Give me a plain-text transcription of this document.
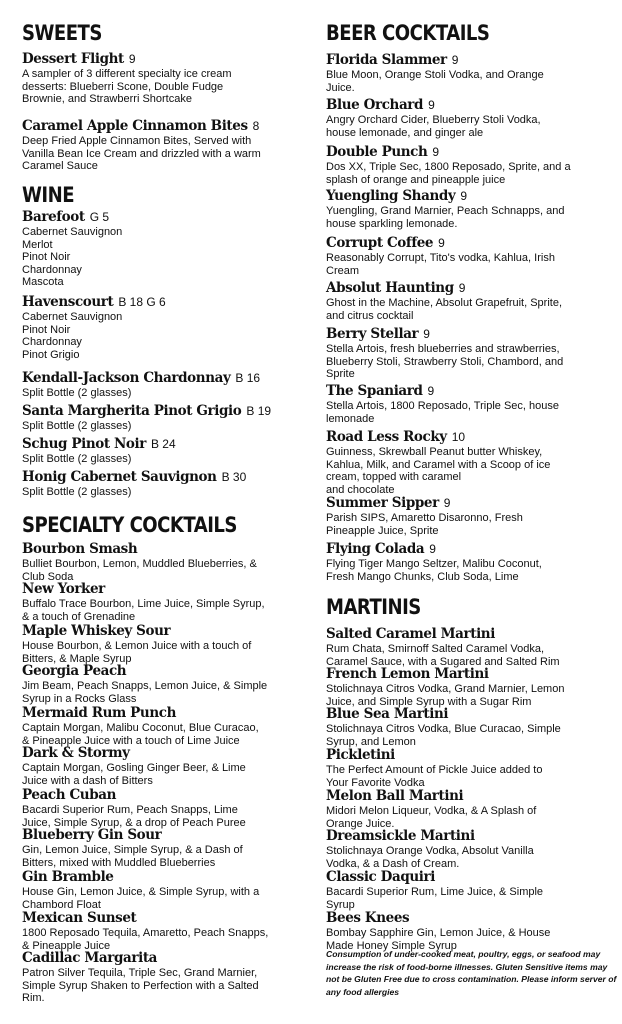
SWEETS
Dessert Flight 9
A sampler of 3 different specialty ice cream
desserts: Blueberri Scone, Double Fudge
Brownie, and Strawberri Shortcake
Caramel Apple Cinnamon Bites 8
Deep Fried Apple Cinnamon Bites, Served with
Vanilla Bean Ice Cream and drizzled with a warm
Caramel Sauce
WINE
Barefoot G 5
Cabernet Sauvignon
Merlot
Pinot Noir
Chardonnay
Mascota
Havenscourt B 18 G 6
Cabernet Sauvignon
Pinot Noir
Chardonnay
Pinot Grigio
Kendall-Jackson Chardonnay B 16
Split Bottle (2 glasses)
Santa Margherita Pinot Grigio B 19
Split Bottle (2 glasses)
Schug Pinot Noir B 24
Split Bottle (2 glasses)
Honig Cabernet Sauvignon B 30
Split Bottle (2 glasses)
SPECIALTY COCKTAILS
Bourbon Smash
Bulliet Bourbon, Lemon, Muddled Blueberries, &
Club Soda
New Yorker
Buffalo Trace Bourbon, Lime Juice, Simple Syrup,
& a touch of Grenadine
Maple Whiskey Sour
House Bourbon, & Lemon Juice with a touch of
Bitters, & Maple Syrup
Georgia Peach
Jim Beam, Peach Snapps, Lemon Juice, & Simple
Syrup in a Rocks Glass
Mermaid Rum Punch
Captain Morgan, Malibu Coconut, Blue Curacao,
& Pineapple Juice with a touch of Lime Juice
Dark & Stormy
Captain Morgan, Gosling Ginger Beer, & Lime
Juice with a dash of Bitters
Peach Cuban
Bacardi Superior Rum, Peach Snapps, Lime
Juice, Simple Syrup, & a drop of Peach Puree
Blueberry Gin Sour
Gin, Lemon Juice, Simple Syrup, & a Dash of
Bitters, mixed with Muddled Blueberries
Gin Bramble
House Gin, Lemon Juice, & Simple Syrup, with a
Chambord Float
Mexican Sunset
1800 Reposado Tequila, Amaretto, Peach Snapps,
& Pineapple Juice
Cadillac Margarita
Patron Silver Tequila, Triple Sec, Grand Marnier,
Simple Syrup Shaken to Perfection with a Salted
Rim.
BEER COCKTAILS
Florida Slammer 9
Blue Moon, Orange Stoli Vodka, and Orange
Juice.
Blue Orchard 9
Angry Orchard Cider, Blueberry Stoli Vodka,
house lemonade, and ginger ale
Double Punch 9
Dos XX, Triple Sec, 1800 Reposado, Sprite, and a
splash of orange and pineapple juice
Yuengling Shandy 9
Yuengling, Grand Marnier, Peach Schnapps, and
house sparkling lemonade.
Corrupt Coffee 9
Reasonably Corrupt, Tito's vodka, Kahlua, Irish
Cream
Absolut Haunting 9
Ghost in the Machine, Absolut Grapefruit, Sprite,
and citrus cocktail
Berry Stellar 9
Stella Artois, fresh blueberries and strawberries,
Blueberry Stoli, Strawberry Stoli, Chambord, and
Sprite
The Spaniard 9
Stella Artois, 1800 Reposado, Triple Sec, house
lemonade
Road Less Rocky 10
Guinness, Skrewball Peanut butter Whiskey,
Kahlua, Milk, and Caramel with a Scoop of ice
cream, topped with caramel
and chocolate
Summer Sipper 9
Parish SIPS, Amaretto Disaronno, Fresh
Pineapple Juice, Sprite
Flying Colada 9
Flying Tiger Mango Seltzer, Malibu Coconut,
Fresh Mango Chunks, Club Soda, Lime
MARTINIS
Salted Caramel Martini
Rum Chata, Smirnoff Salted Caramel Vodka,
Caramel Sauce, with a Sugared and Salted Rim
French Lemon Martini
Stolichnaya Citros Vodka, Grand Marnier, Lemon
Juice, and Simple Syrup with a Sugar Rim
Blue Sea Martini
Stolichnaya Citros Vodka, Blue Curacao, Simple
Syrup, and Lemon
Pickletini
The Perfect Amount of Pickle Juice added to
Your Favorite Vodka
Melon Ball Martini
Midori Melon Liqueur, Vodka, & A Splash of
Orange Juice.
Dreamsickle Martini
Stolichnaya Orange Vodka, Absolut Vanilla
Vodka, & a Dash of Cream.
Classic Daquiri
Bacardi Superior Rum, Lime Juice, & Simple
Syrup
Bees Knees
Bombay Sapphire Gin, Lemon Juice, & House
Made Honey Simple Syrup
Consumption of under-cooked meat, poultry, eggs, or seafood may
increase the risk of food-borne illnesses. Gluten Sensitive items may
not be Gluten Free due to cross contamination. Please inform server of
any food allergies
